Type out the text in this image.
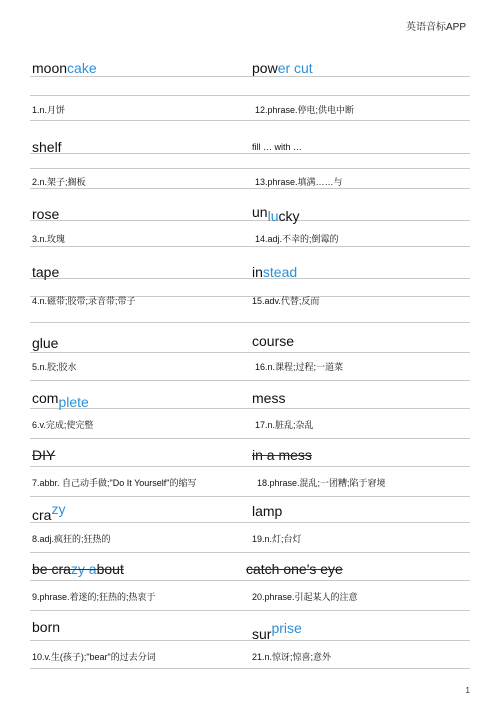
英语音标APP
mooncake	power cut
1.n.月饼	12.phrase.停电;供电中断
shelf	fill … with …
2.n.架子;搁板	13.phrase.填满……与
rose	unlucky
3.n.玫瑰	14.adj.不幸的;倒霉的
tape	instead
4.n.磁带;胶带;录音带;带子	15.adv.代替;反而
glue	course
5.n.胶;胶水	16.n.课程;过程;一道菜
complete	mess
6.v.完成;使完整	17.n.脏乱;杂乱
DIY	in a mess
7.abbr. 自己动手做;"Do It Yourself"的缩写	18.phrase.混乱;一团糟;陷于窘境
crazy	lamp
8.adj.疯狂的;狂热的	19.n.灯;台灯
be crazy about	catch one's eye
9.phrase.着迷的;狂热的;热衷于	20.phrase.引起某人的注意
born	surprise
10.v.生(孩子);"bear"的过去分词	21.n.惊讶;惊喜;意外
1
